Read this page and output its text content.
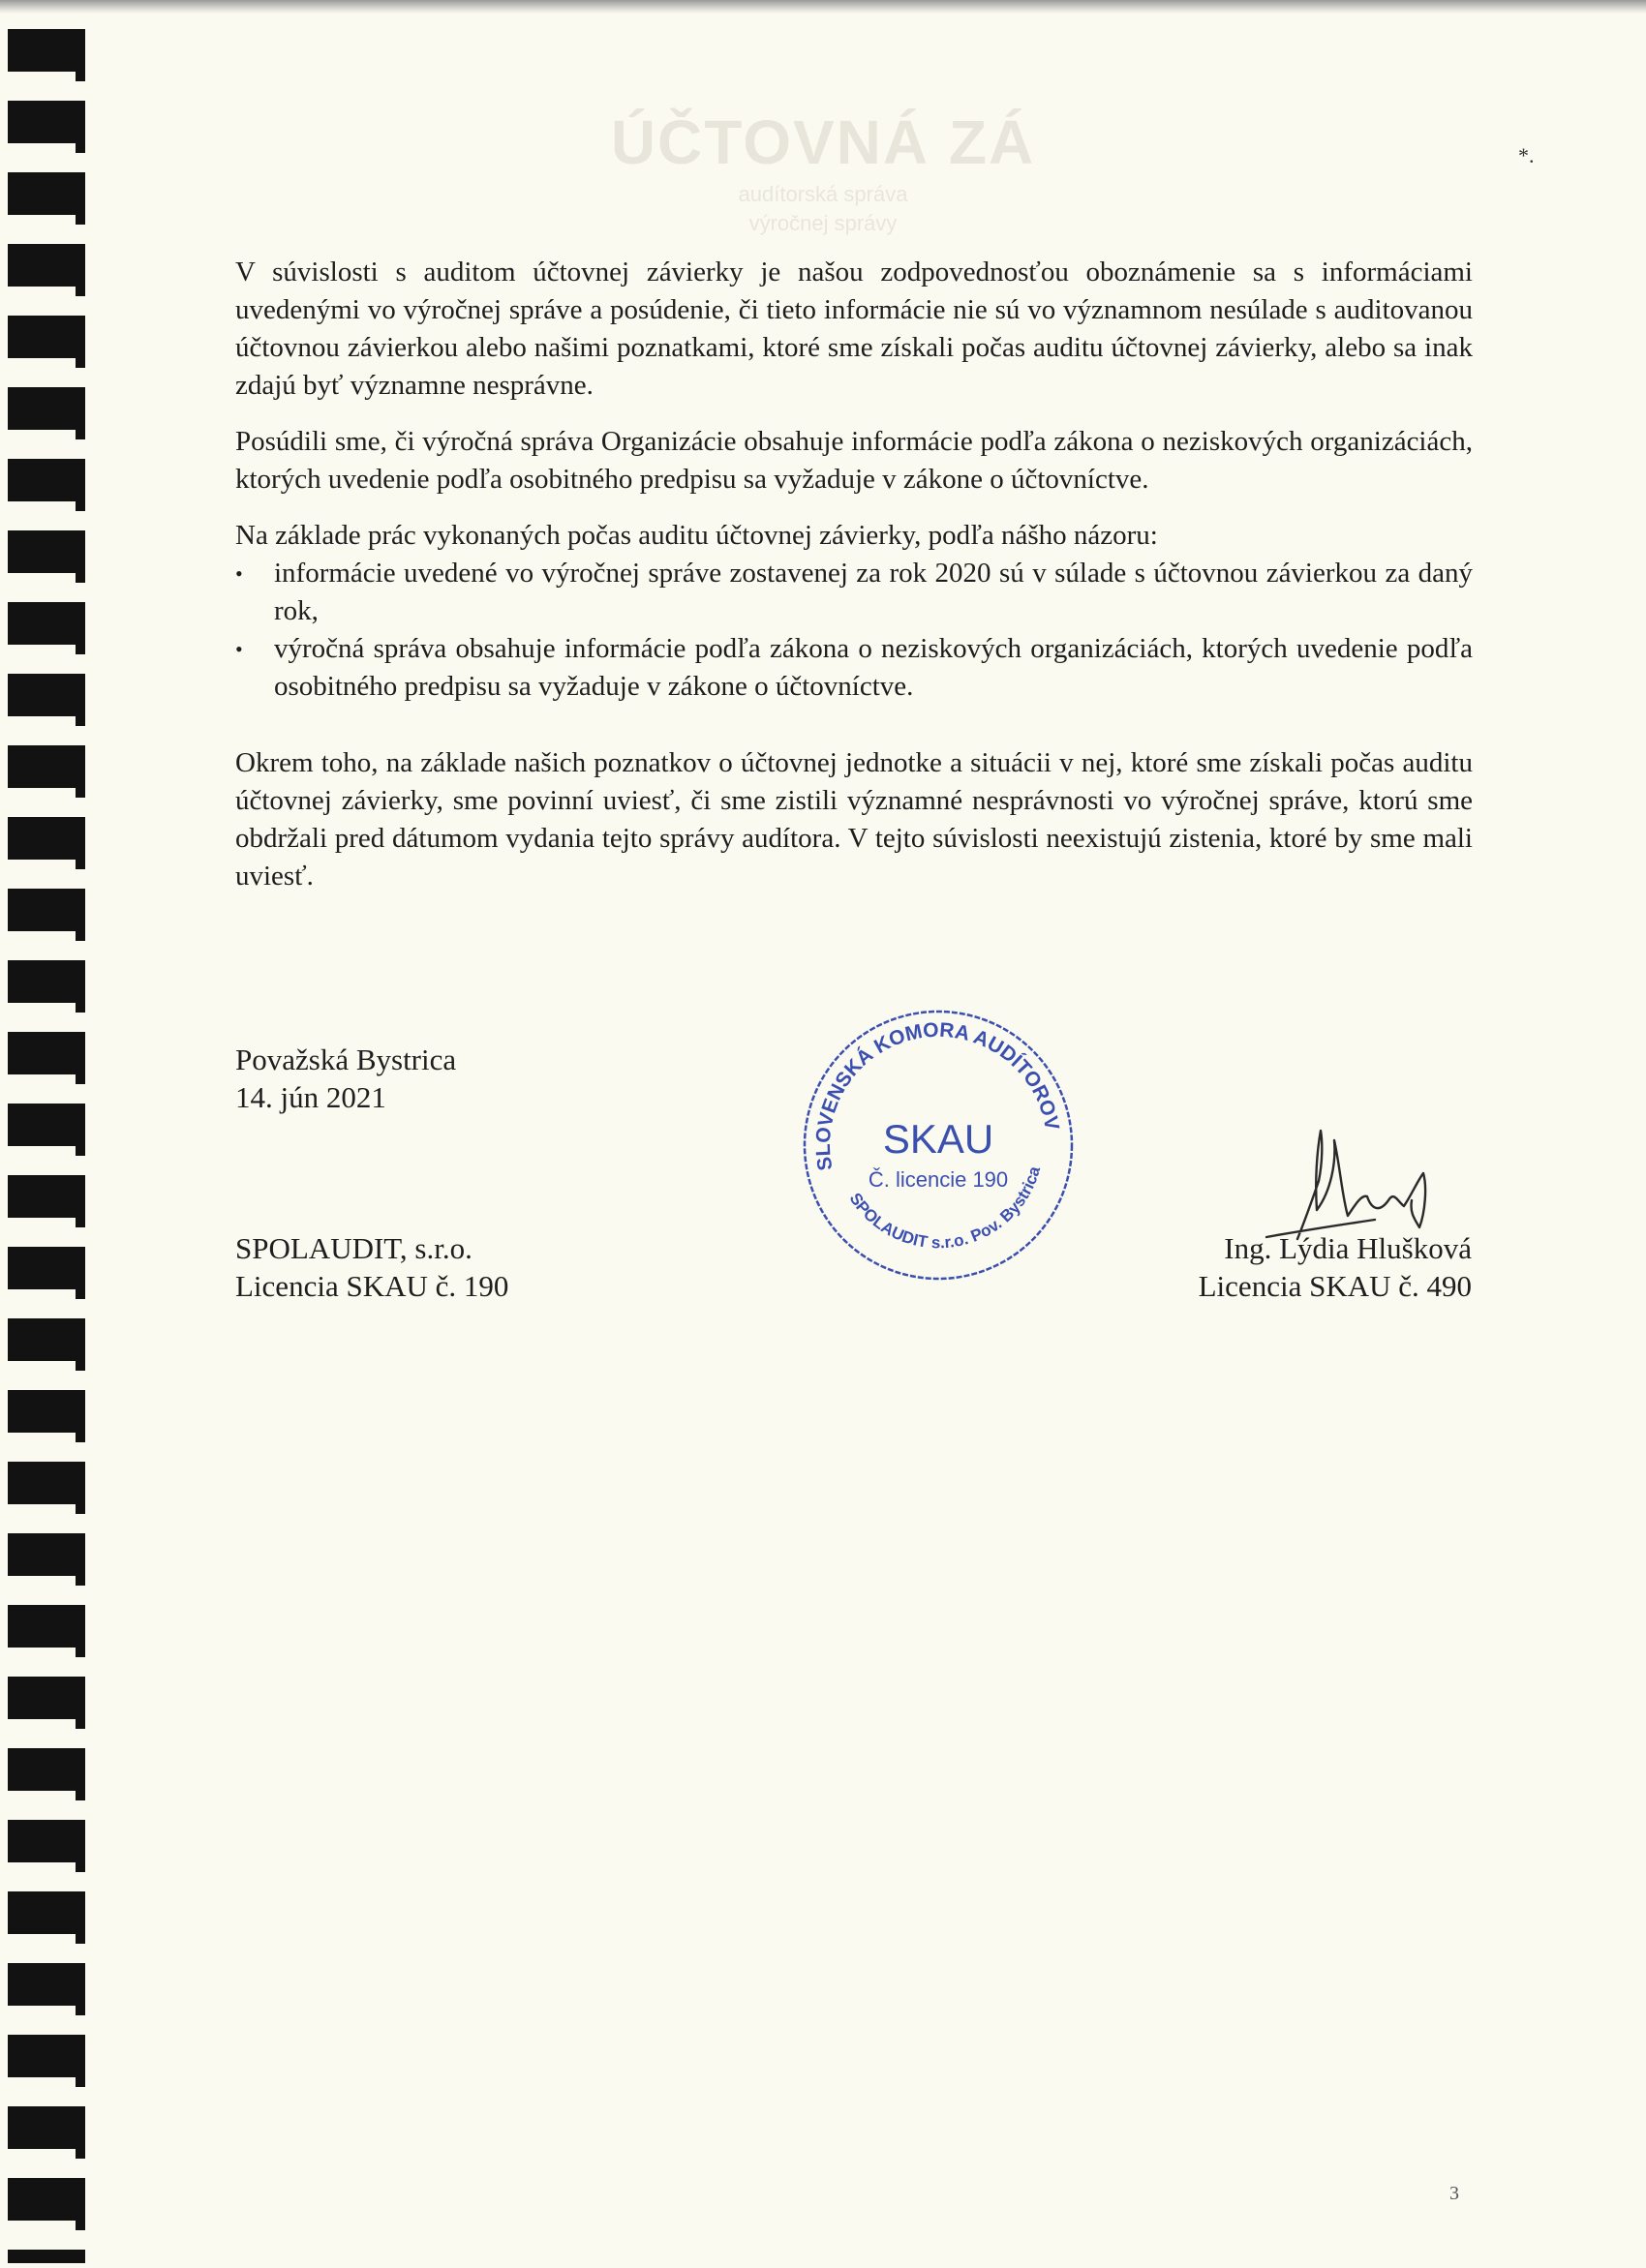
ÚČTOVNÁ ZÁ
audítorská správa
výročnej správy
*.

V súvislosti s auditom účtovnej závierky je našou zodpovednosťou oboznámenie sa s informáciami uvedenými vo výročnej správe a posúdenie, či tieto informácie nie sú vo významnom nesúlade s auditovanou účtovnou závierkou alebo našimi poznatkami, ktoré sme získali počas auditu účtovnej závierky, alebo sa inak zdajú byť významne nesprávne.

Posúdili sme, či výročná správa Organizácie obsahuje informácie podľa zákona o neziskových organizáciách, ktorých uvedenie podľa osobitného predpisu sa vyžaduje v zákone o účtovníctve.

Na základe prác vykonaných počas auditu účtovnej závierky, podľa nášho názoru:

•	informácie uvedené vo výročnej správe zostavenej za rok 2020 sú v súlade s účtovnou závierkou za daný rok,
•	výročná správa obsahuje informácie podľa zákona o neziskových organizáciách, ktorých uvedenie podľa osobitného predpisu sa vyžaduje v zákone o účtovníctve.

Okrem toho, na základe našich poznatkov o účtovnej jednotke a situácii v nej, ktoré sme získali počas auditu účtovnej závierky, sme povinní uviesť, či sme zistili významné nesprávnosti vo výročnej správe, ktorú sme obdržali pred dátumom vydania tejto správy audítora. V tejto súvislosti neexistujú zistenia, ktoré by sme mali uviesť.

Považská Bystrica
14. jún 2021
SPOLAUDIT, s.r.o.
Licencia SKAU č. 190
SLOVENSKÁ KOMORA AUDÍTOROV
SPOLAUDIT s.r.o. Pov. Bystrica
SKAU
Č. licencie 190
Ing. Lýdia Hlušková
Licencia SKAU č. 490
3
